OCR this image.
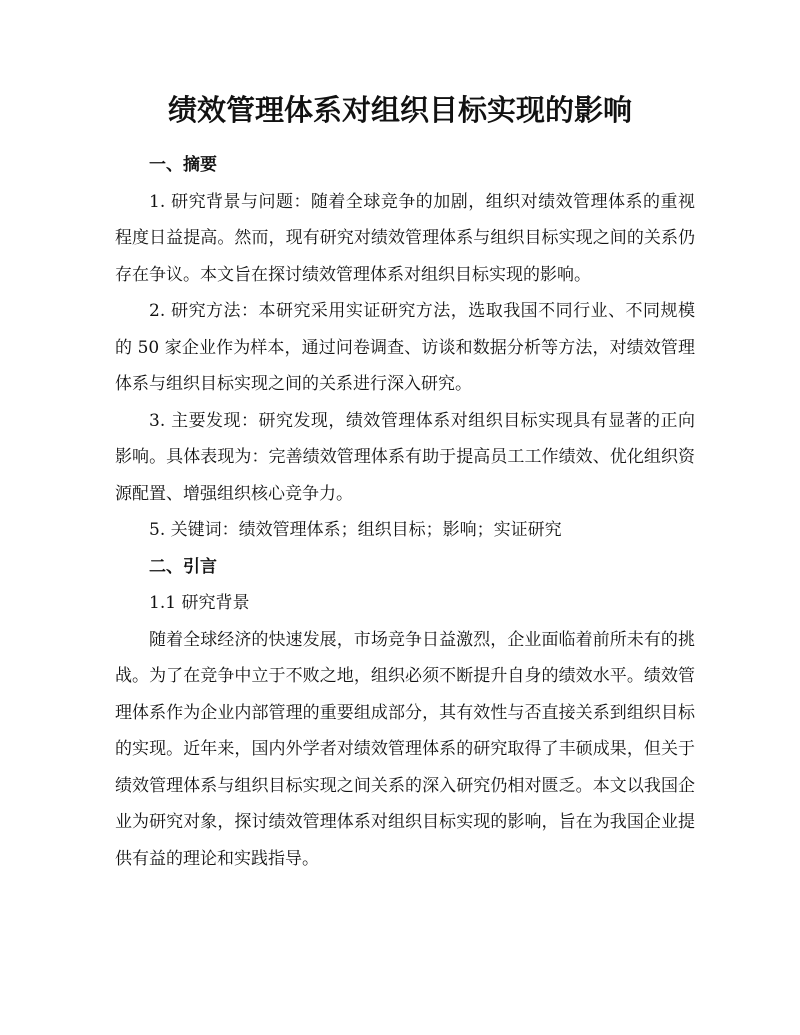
绩效管理体系对组织目标实现的影响
一、摘要

1. 研究背景与问题：随着全球竞争的加剧，组织对绩效管理体系的重视程度日益提高。然而，现有研究对绩效管理体系与组织目标实现之间的关系仍存在争议。本文旨在探讨绩效管理体系对组织目标实现的影响。

2. 研究方法：本研究采用实证研究方法，选取我国不同行业、不同规模的 50 家企业作为样本，通过问卷调查、访谈和数据分析等方法，对绩效管理体系与组织目标实现之间的关系进行深入研究。

3. 主要发现：研究发现，绩效管理体系对组织目标实现具有显著的正向影响。具体表现为：完善绩效管理体系有助于提高员工工作绩效、优化组织资源配置、增强组织核心竞争力。

5. 关键词：绩效管理体系；组织目标；影响；实证研究

二、引言

1.1 研究背景

随着全球经济的快速发展，市场竞争日益激烈，企业面临着前所未有的挑战。为了在竞争中立于不败之地，组织必须不断提升自身的绩效水平。绩效管理体系作为企业内部管理的重要组成部分，其有效性与否直接关系到组织目标的实现。近年来，国内外学者对绩效管理体系的研究取得了丰硕成果，但关于绩效管理体系与组织目标实现之间关系的深入研究仍相对匮乏。本文以我国企业为研究对象，探讨绩效管理体系对组织目标实现的影响，旨在为我国企业提供有益的理论和实践指导。
